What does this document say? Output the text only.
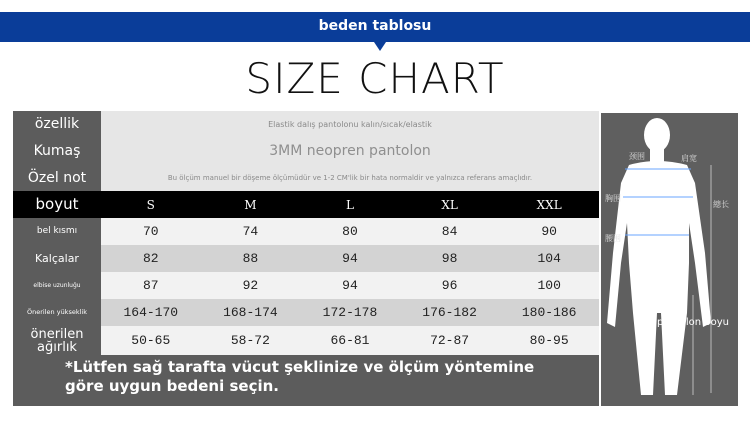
beden tablosu
SIZE CHART
özellik	Elastik dalış pantolonu kalın/sıcak/elastik
Kumaş	3MM neopren pantolon
Özel not	Bu ölçüm manuel bir döşeme ölçümüdür ve 1-2 CM'lik bir hata normaldir ve yalnızca referans amaçlıdır.
boyut	S	M	L	XL	XXL
bel kısmı	70	74	80	84	90
Kalçalar	82	88	94	98	104
elbise uzunluğu	87	92	94	96	100
Önerilen yükseklik	164-170	168-174	172-178	176-182	180-186
önerilen ağırlık	50-65	58-72	66-81	72-87	80-95
*Lütfen sağ tarafta vücut şeklinize ve ölçüm yöntemine göre uygun bedeni seçin.
颈围	肩宽
胸围
腰围
總长
pantolon boyu
